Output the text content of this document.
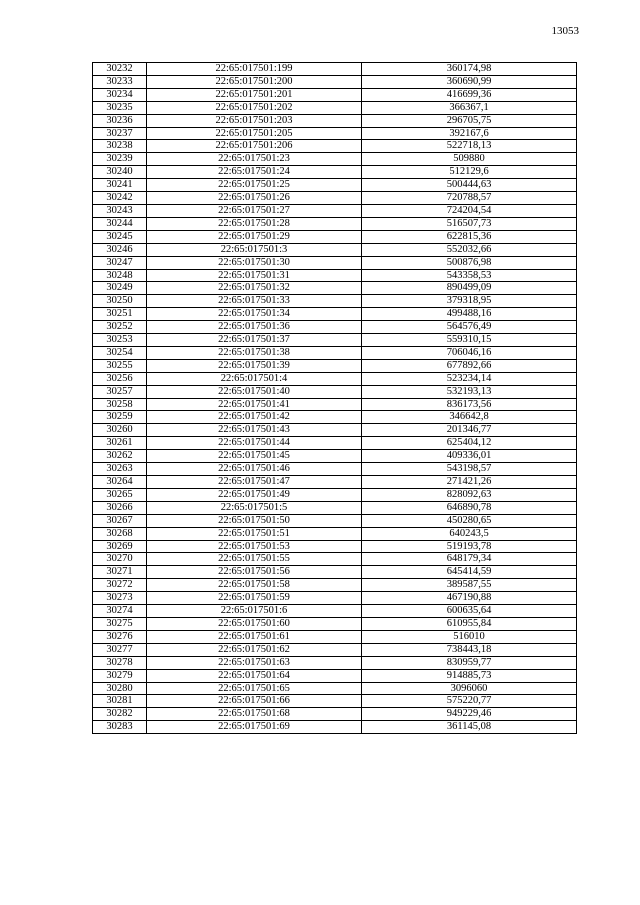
13053
30232	22:65:017501:199	360174,98
30233	22:65:017501:200	360690,99
30234	22:65:017501:201	416699,36
30235	22:65:017501:202	366367,1
30236	22:65:017501:203	296705,75
30237	22:65:017501:205	392167,6
30238	22:65:017501:206	522718,13
30239	22:65:017501:23	509880
30240	22:65:017501:24	512129,6
30241	22:65:017501:25	500444,63
30242	22:65:017501:26	720788,57
30243	22:65:017501:27	724204,54
30244	22:65:017501:28	516507,73
30245	22:65:017501:29	622815,36
30246	22:65:017501:3	552032,66
30247	22:65:017501:30	500876,98
30248	22:65:017501:31	543358,53
30249	22:65:017501:32	890499,09
30250	22:65:017501:33	379318,95
30251	22:65:017501:34	499488,16
30252	22:65:017501:36	564576,49
30253	22:65:017501:37	559310,15
30254	22:65:017501:38	706046,16
30255	22:65:017501:39	677892,66
30256	22:65:017501:4	523234,14
30257	22:65:017501:40	532193,13
30258	22:65:017501:41	836173,56
30259	22:65:017501:42	346642,8
30260	22:65:017501:43	201346,77
30261	22:65:017501:44	625404,12
30262	22:65:017501:45	409336,01
30263	22:65:017501:46	543198,57
30264	22:65:017501:47	271421,26
30265	22:65:017501:49	828092,63
30266	22:65:017501:5	646890,78
30267	22:65:017501:50	450280,65
30268	22:65:017501:51	640243,5
30269	22:65:017501:53	519193,78
30270	22:65:017501:55	648179,34
30271	22:65:017501:56	645414,59
30272	22:65:017501:58	389587,55
30273	22:65:017501:59	467190,88
30274	22:65:017501:6	600635,64
30275	22:65:017501:60	610955,84
30276	22:65:017501:61	516010
30277	22:65:017501:62	738443,18
30278	22:65:017501:63	830959,77
30279	22:65:017501:64	914885,73
30280	22:65:017501:65	3096060
30281	22:65:017501:66	575220,77
30282	22:65:017501:68	949229,46
30283	22:65:017501:69	361145,08
